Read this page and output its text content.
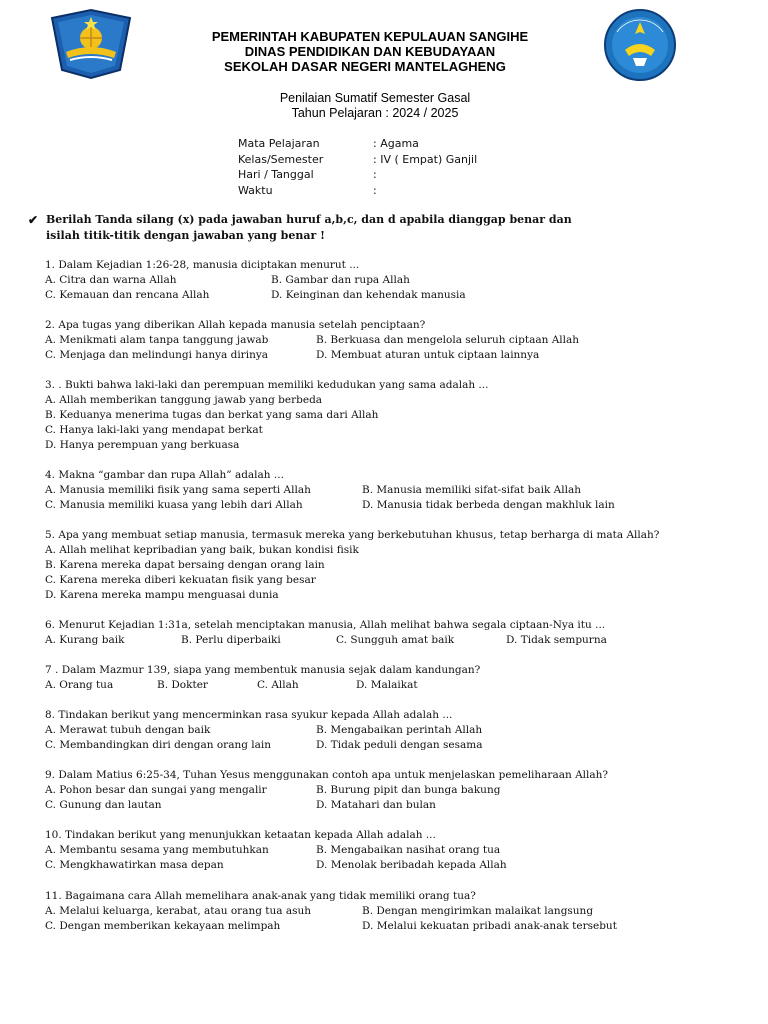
PEMERINTAH KABUPATEN KEPULAUAN SANGIHE
DINAS PENDIDIKAN DAN KEBUDAYAAN
SEKOLAH DASAR NEGERI MANTELAGHENG
Penilaian Sumatif Semester Gasal
Tahun Pelajaran : 2024 / 2025
Mata Pelajaran	: Agama
Kelas/Semester	: IV ( Empat) Ganjil
Hari / Tanggal	:
Waktu	:
✔ Berilah Tanda silang (x) pada jawaban huruf a,b,c, dan d apabila dianggap benar dan
isilah titik-titik dengan jawaban yang benar !
1. Dalam Kejadian 1:26-28, manusia diciptakan menurut ...
A. Citra dan warna Allah	B. Gambar dan rupa Allah
C. Kemauan dan rencana Allah	D. Keinginan dan kehendak manusia
2. Apa tugas yang diberikan Allah kepada manusia setelah penciptaan?
A. Menikmati alam tanpa tanggung jawab	B. Berkuasa dan mengelola seluruh ciptaan Allah
C. Menjaga dan melindungi hanya dirinya	D. Membuat aturan untuk ciptaan lainnya
3. . Bukti bahwa laki-laki dan perempuan memiliki kedudukan yang sama adalah ...
A. Allah memberikan tanggung jawab yang berbeda
B. Keduanya menerima tugas dan berkat yang sama dari Allah
C. Hanya laki-laki yang mendapat berkat
D. Hanya perempuan yang berkuasa
4. Makna “gambar dan rupa Allah” adalah ...
A. Manusia memiliki fisik yang sama seperti Allah	B. Manusia memiliki sifat-sifat baik Allah
C. Manusia memiliki kuasa yang lebih dari Allah	D. Manusia tidak berbeda dengan makhluk lain
5. Apa yang membuat setiap manusia, termasuk mereka yang berkebutuhan khusus, tetap berharga di mata Allah?
A. Allah melihat kepribadian yang baik, bukan kondisi fisik
B. Karena mereka dapat bersaing dengan orang lain
C. Karena mereka diberi kekuatan fisik yang besar
D. Karena mereka mampu menguasai dunia
6. Menurut Kejadian 1:31a, setelah menciptakan manusia, Allah melihat bahwa segala ciptaan-Nya itu ...
A. Kurang baik	B. Perlu diperbaiki	C. Sungguh amat baik	D. Tidak sempurna
7 . Dalam Mazmur 139, siapa yang membentuk manusia sejak dalam kandungan?
A. Orang tua	B. Dokter	C. Allah	D. Malaikat
8. Tindakan berikut yang mencerminkan rasa syukur kepada Allah adalah ...
A. Merawat tubuh dengan baik	B. Mengabaikan perintah Allah
C. Membandingkan diri dengan orang lain	D. Tidak peduli dengan sesama
9. Dalam Matius 6:25-34, Tuhan Yesus menggunakan contoh apa untuk menjelaskan pemeliharaan Allah?
A. Pohon besar dan sungai yang mengalir	B. Burung pipit dan bunga bakung
C. Gunung dan lautan	D. Matahari dan bulan
10. Tindakan berikut yang menunjukkan ketaatan kepada Allah adalah ...
A. Membantu sesama yang membutuhkan	B. Mengabaikan nasihat orang tua
C. Mengkhawatirkan masa depan	D. Menolak beribadah kepada Allah
11. Bagaimana cara Allah memelihara anak-anak yang tidak memiliki orang tua?
A. Melalui keluarga, kerabat, atau orang tua asuh	B. Dengan mengirimkan malaikat langsung
C. Dengan memberikan kekayaan melimpah	D. Melalui kekuatan pribadi anak-anak tersebut
